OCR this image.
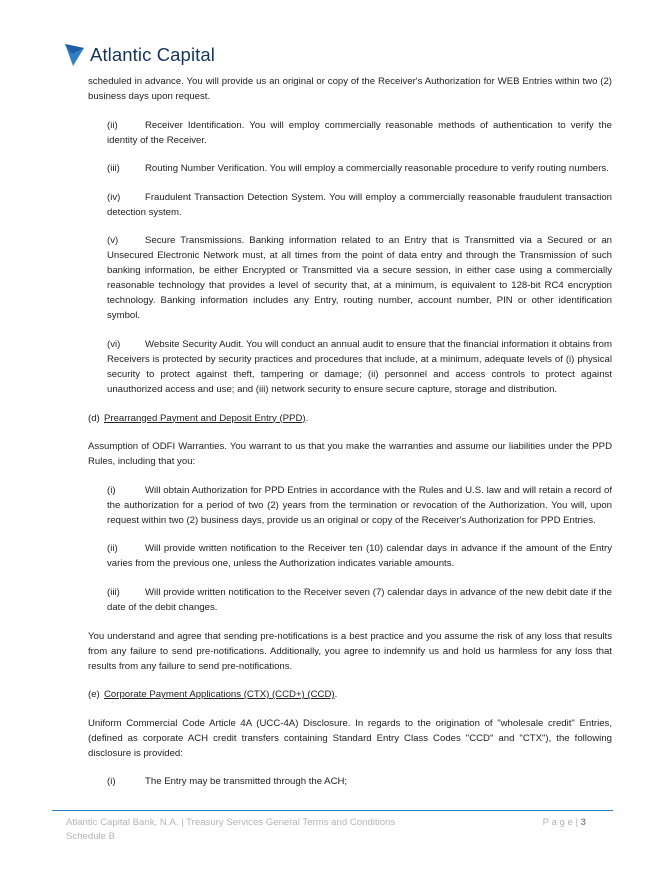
Atlantic Capital

scheduled in advance. You will provide us an original or copy of the Receiver's Authorization for WEB Entries within two (2) business days upon request.

(ii)	Receiver Identification. You will employ commercially reasonable methods of authentication to verify the identity of the Receiver.

(iii)	Routing Number Verification. You will employ a commercially reasonable procedure to verify routing numbers.

(iv)	Fraudulent Transaction Detection System. You will employ a commercially reasonable fraudulent transaction detection system.

(v)	Secure Transmissions. Banking information related to an Entry that is Transmitted via a Secured or an Unsecured Electronic Network must, at all times from the point of data entry and through the Transmission of such banking information, be either Encrypted or Transmitted via a secure session, in either case using a commercially reasonable technology that provides a level of security that, at a minimum, is equivalent to 128-bit RC4 encryption technology. Banking information includes any Entry, routing number, account number, PIN or other identification symbol.

(vi)	Website Security Audit. You will conduct an annual audit to ensure that the financial information it obtains from Receivers is protected by security practices and procedures that include, at a minimum, adequate levels of (i) physical security to protect against theft, tampering or damage; (ii) personnel and access controls to protect against unauthorized access and use; and (iii) network security to ensure secure capture, storage and distribution.

(d) Prearranged Payment and Deposit Entry (PPD).

Assumption of ODFI Warranties. You warrant to us that you make the warranties and assume our liabilities under the PPD Rules, including that you:

(i)	Will obtain Authorization for PPD Entries in accordance with the Rules and U.S. law and will retain a record of the authorization for a period of two (2) years from the termination or revocation of the Authorization. You will, upon request within two (2) business days, provide us an original or copy of the Receiver's Authorization for PPD Entries.

(ii)	Will provide written notification to the Receiver ten (10) calendar days in advance if the amount of the Entry varies from the previous one, unless the Authorization indicates variable amounts.

(iii)	Will provide written notification to the Receiver seven (7) calendar days in advance of the new debit date if the date of the debit changes.

You understand and agree that sending pre-notifications is a best practice and you assume the risk of any loss that results from any failure to send pre-notifications. Additionally, you agree to indemnify us and hold us harmless for any loss that results from any failure to send pre-notifications.

(e) Corporate Payment Applications (CTX) (CCD+) (CCD).

Uniform Commercial Code Article 4A (UCC-4A) Disclosure. In regards to the origination of "wholesale credit" Entries, (defined as corporate ACH credit transfers containing Standard Entry Class Codes "CCD" and "CTX"), the following disclosure is provided:

(i)	The Entry may be transmitted through the ACH;

Atlantic Capital Bank, N.A. | Treasury Services General Terms and Conditions	P a g e | 3
Schedule B
